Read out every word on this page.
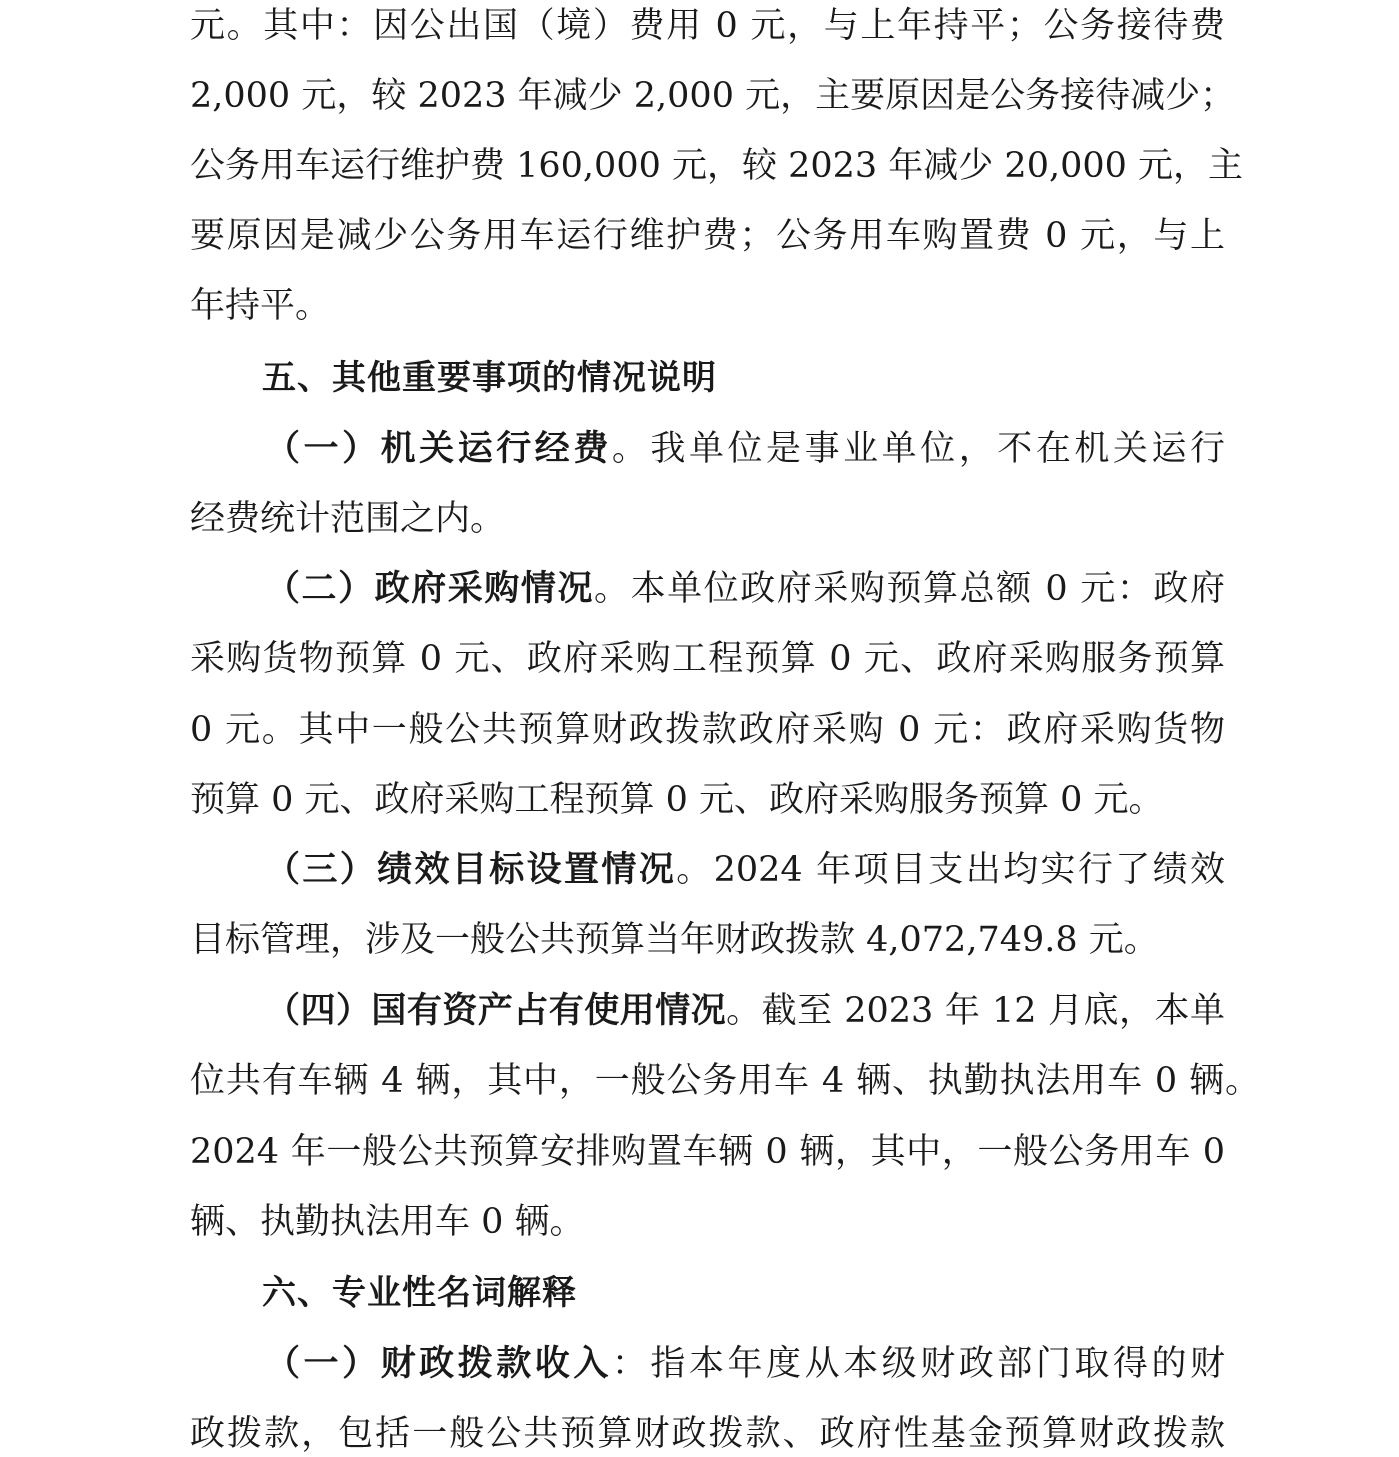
元。其中：因公出国（境）费用 0 元，与上年持平；公务接待费
2,000 元，较 2023 年减少 2,000 元，主要原因是公务接待减少；
公务用车运行维护费 160,000 元，较 2023 年减少 20,000 元，主
要原因是减少公务用车运行维护费；公务用车购置费 0 元，与上
年持平。
五、其他重要事项的情况说明
（一）机关运行经费。我单位是事业单位，不在机关运行
经费统计范围之内。
（二）政府采购情况。本单位政府采购预算总额 0 元：政府
采购货物预算 0 元、政府采购工程预算 0 元、政府采购服务预算
0 元。其中一般公共预算财政拨款政府采购 0 元：政府采购货物
预算 0 元、政府采购工程预算 0 元、政府采购服务预算 0 元。
（三）绩效目标设置情况。2024 年项目支出均实行了绩效
目标管理，涉及一般公共预算当年财政拨款 4,072,749.8 元。
（四）国有资产占有使用情况。截至 2023 年 12 月底，本单
位共有车辆 4 辆，其中，一般公务用车 4 辆、执勤执法用车 0 辆。
2024 年一般公共预算安排购置车辆 0 辆，其中，一般公务用车 0
辆、执勤执法用车 0 辆。
六、专业性名词解释
（一）财政拨款收入：指本年度从本级财政部门取得的财
政拨款，包括一般公共预算财政拨款、政府性基金预算财政拨款
